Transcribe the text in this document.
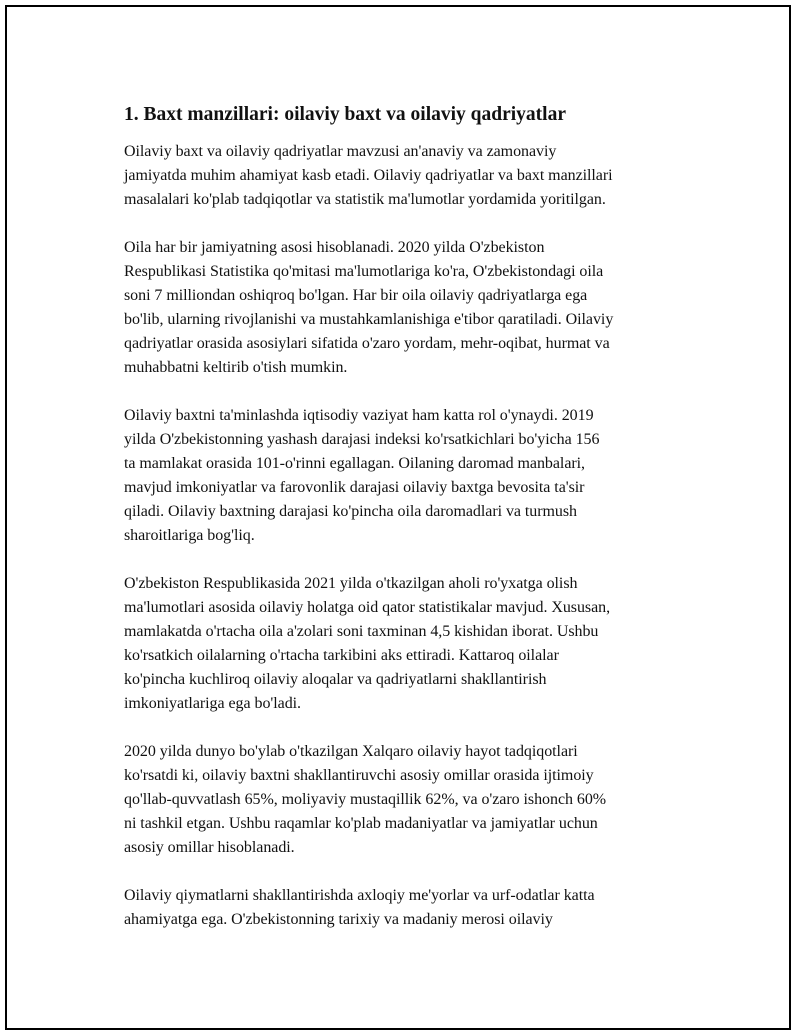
1. Baxt manzillari: oilaviy baxt va oilaviy qadriyatlar

Oilaviy baxt va oilaviy qadriyatlar mavzusi an'anaviy va zamonaviy
jamiyatda muhim ahamiyat kasb etadi. Oilaviy qadriyatlar va baxt manzillari
masalalari ko'plab tadqiqotlar va statistik ma'lumotlar yordamida yoritilgan.

Oila har bir jamiyatning asosi hisoblanadi. 2020 yilda O'zbekiston
Respublikasi Statistika qo'mitasi ma'lumotlariga ko'ra, O'zbekistondagi oila
soni 7 milliondan oshiqroq bo'lgan. Har bir oila oilaviy qadriyatlarga ega
bo'lib, ularning rivojlanishi va mustahkamlanishiga e'tibor qaratiladi. Oilaviy
qadriyatlar orasida asosiylari sifatida o'zaro yordam, mehr-oqibat, hurmat va
muhabbatni keltirib o'tish mumkin.

Oilaviy baxtni ta'minlashda iqtisodiy vaziyat ham katta rol o'ynaydi. 2019
yilda O'zbekistonning yashash darajasi indeksi ko'rsatkichlari bo'yicha 156
ta mamlakat orasida 101-o'rinni egallagan. Oilaning daromad manbalari,
mavjud imkoniyatlar va farovonlik darajasi oilaviy baxtga bevosita ta'sir
qiladi. Oilaviy baxtning darajasi ko'pincha oila daromadlari va turmush
sharoitlariga bog'liq.

O'zbekiston Respublikasida 2021 yilda o'tkazilgan aholi ro'yxatga olish
ma'lumotlari asosida oilaviy holatga oid qator statistikalar mavjud. Xususan,
mamlakatda o'rtacha oila a'zolari soni taxminan 4,5 kishidan iborat. Ushbu
ko'rsatkich oilalarning o'rtacha tarkibini aks ettiradi. Kattaroq oilalar
ko'pincha kuchliroq oilaviy aloqalar va qadriyatlarni shakllantirish
imkoniyatlariga ega bo'ladi.

2020 yilda dunyo bo'ylab o'tkazilgan Xalqaro oilaviy hayot tadqiqotlari
ko'rsatdi ki, oilaviy baxtni shakllantiruvchi asosiy omillar orasida ijtimoiy
qo'llab-quvvatlash 65%, moliyaviy mustaqillik 62%, va o'zaro ishonch 60%
ni tashkil etgan. Ushbu raqamlar ko'plab madaniyatlar va jamiyatlar uchun
asosiy omillar hisoblanadi.

Oilaviy qiymatlarni shakllantirishda axloqiy me'yorlar va urf-odatlar katta
ahamiyatga ega. O'zbekistonning tarixiy va madaniy merosi oilaviy
